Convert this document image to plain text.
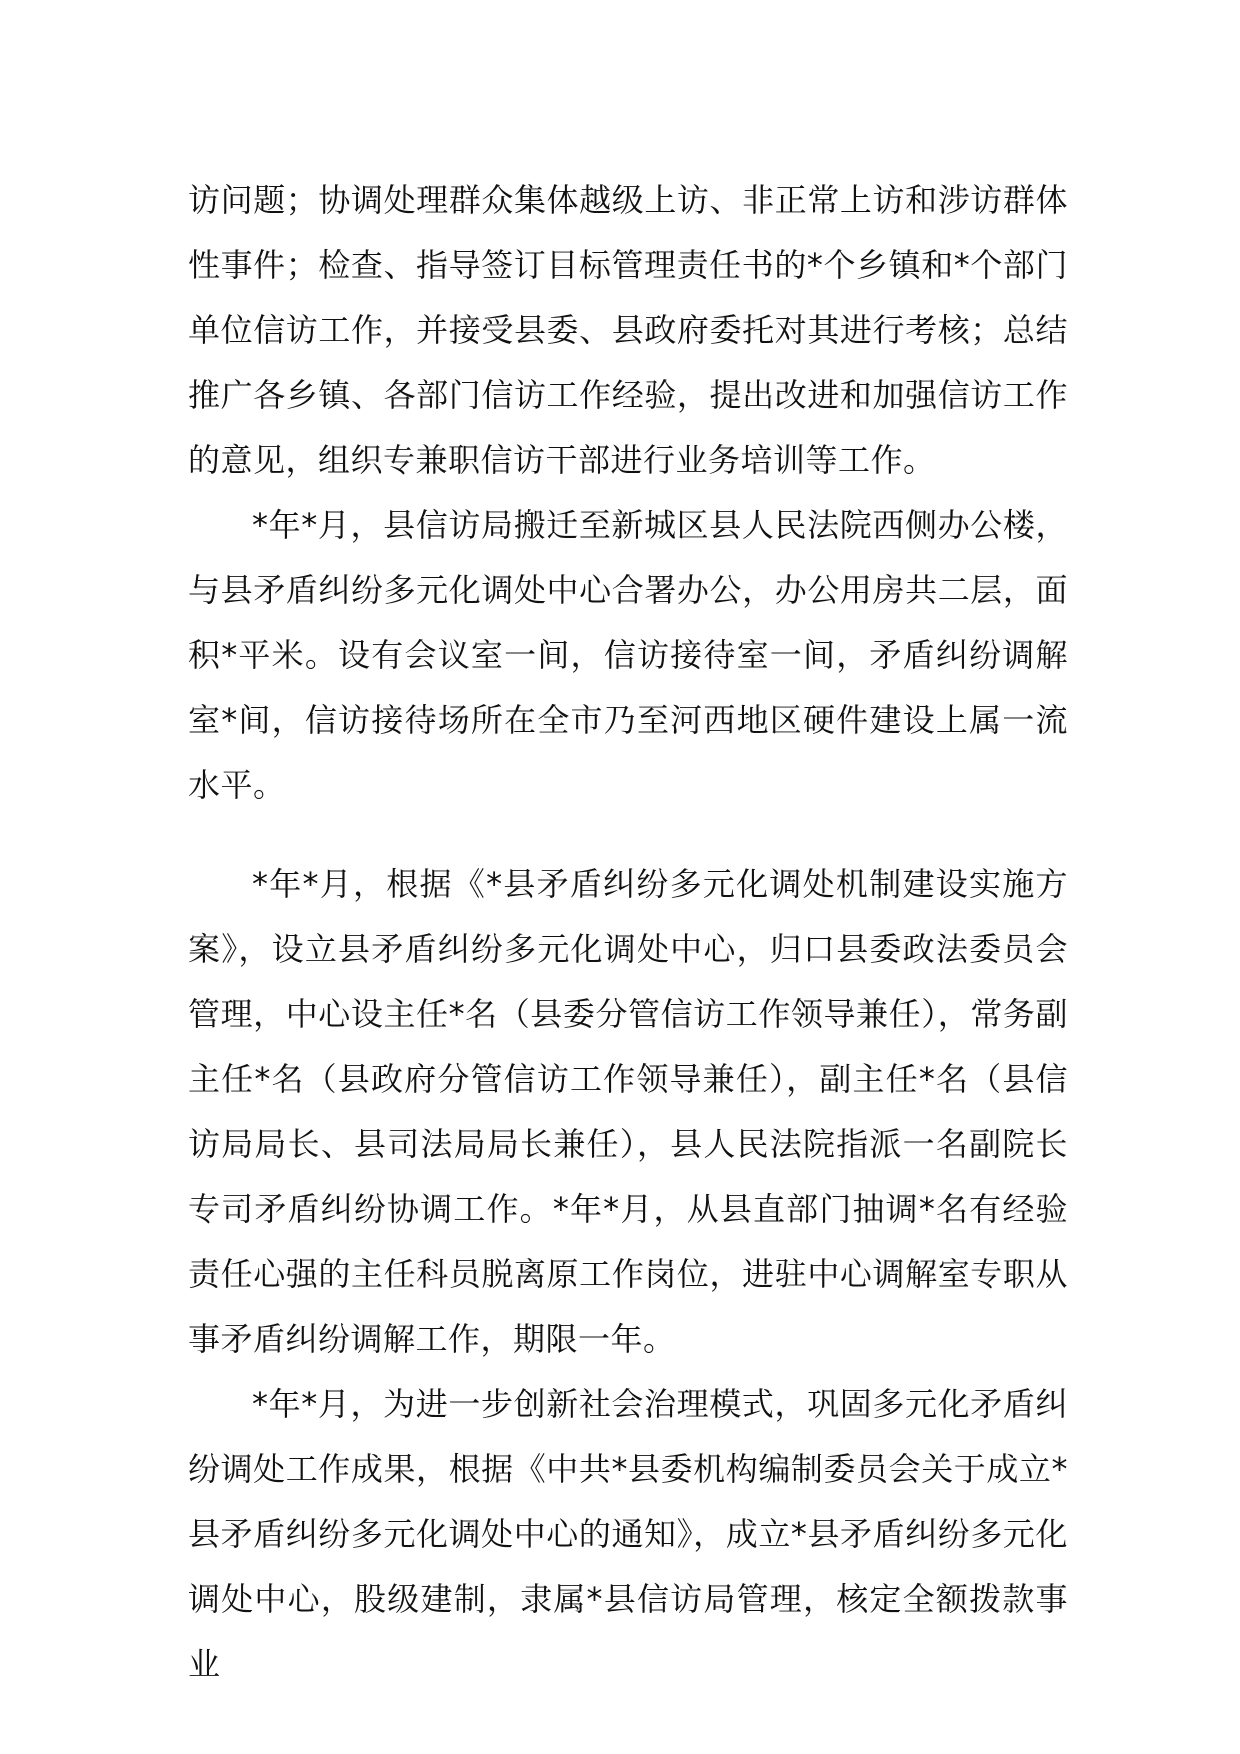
访问题；协调处理群众集体越级上访、非正常上访和涉访群体性事件；检查、指导签订目标管理责任书的*个乡镇和*个部门单位信访工作，并接受县委、县政府委托对其进行考核；总结推广各乡镇、各部门信访工作经验，提出改进和加强信访工作的意见，组织专兼职信访干部进行业务培训等工作。

*年*月，县信访局搬迁至新城区县人民法院西侧办公楼，与县矛盾纠纷多元化调处中心合署办公，办公用房共二层，面积*平米。设有会议室一间，信访接待室一间，矛盾纠纷调解室*间，信访接待场所在全市乃至河西地区硬件建设上属一流水平。

*年*月，根据《*县矛盾纠纷多元化调处机制建设实施方案》，设立县矛盾纠纷多元化调处中心，归口县委政法委员会管理，中心设主任*名（县委分管信访工作领导兼任），常务副主任*名（县政府分管信访工作领导兼任），副主任*名（县信访局局长、县司法局局长兼任），县人民法院指派一名副院长专司矛盾纠纷协调工作。*年*月，从县直部门抽调*名有经验责任心强的主任科员脱离原工作岗位，进驻中心调解室专职从事矛盾纠纷调解工作，期限一年。

*年*月，为进一步创新社会治理模式，巩固多元化矛盾纠纷调处工作成果，根据《中共*县委机构编制委员会关于成立*县矛盾纠纷多元化调处中心的通知》，成立*县矛盾纠纷多元化调处中心，股级建制，隶属*县信访局管理，核定全额拨款事业
